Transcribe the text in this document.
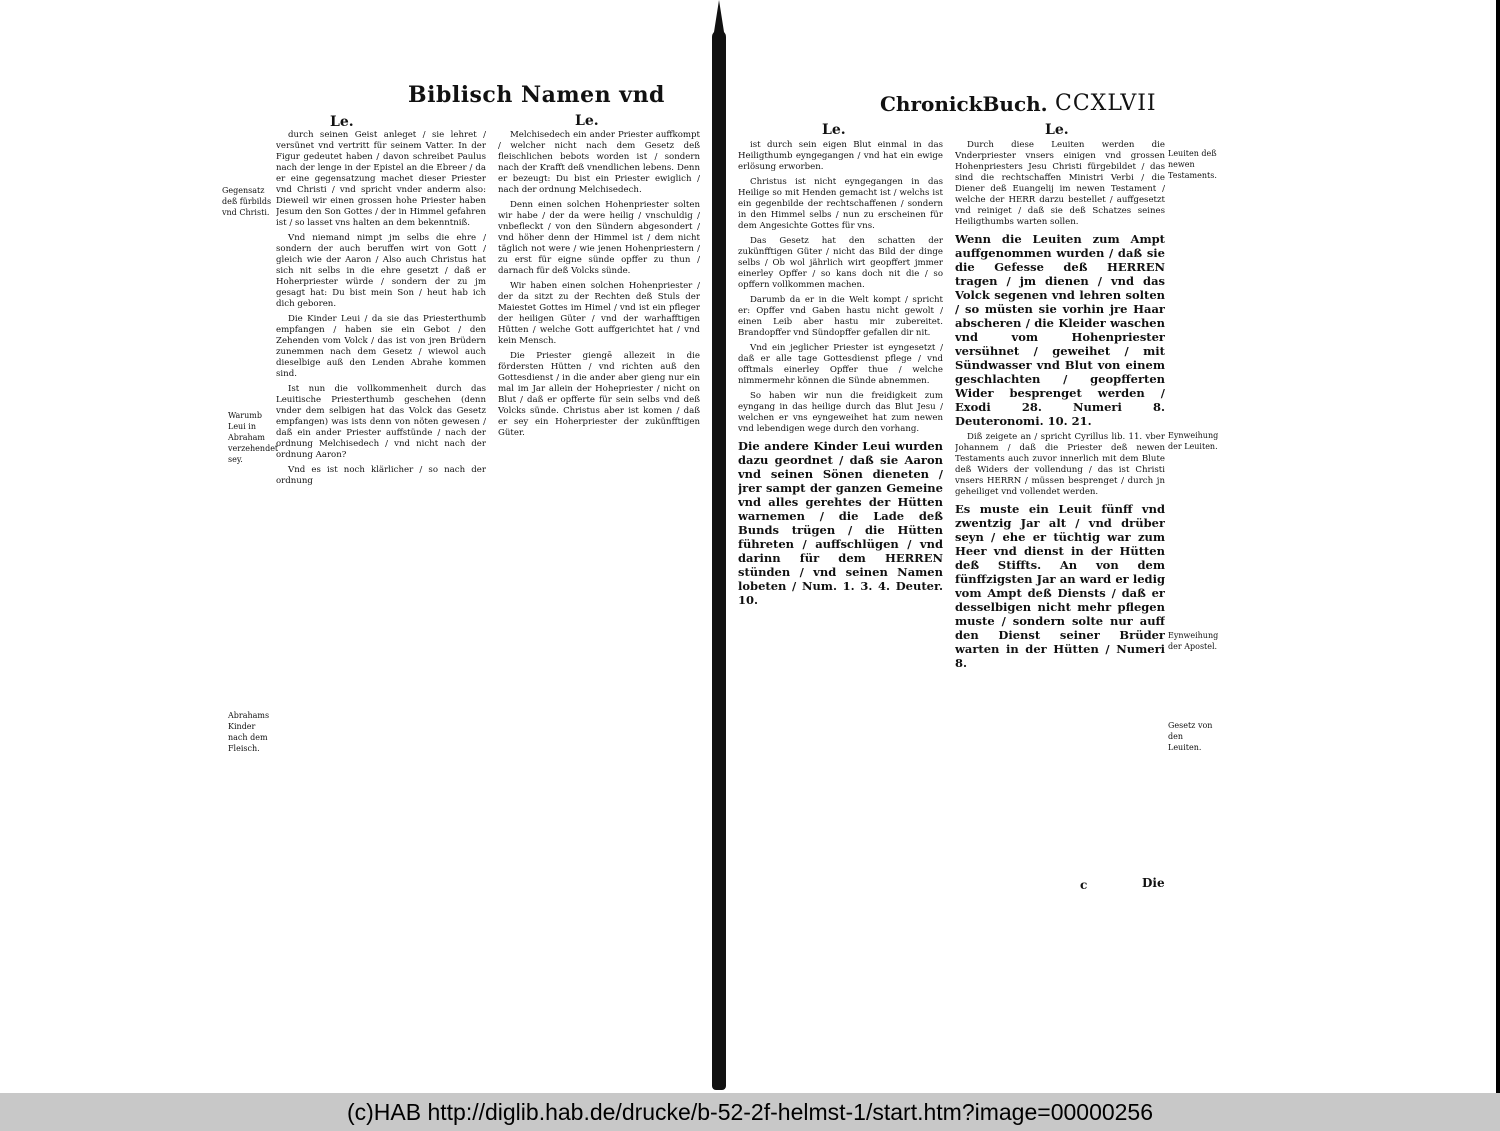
Biblisch Namen vnd	ChronickBuch. CCXLVII
Le.	Le.
Le.	Le.
Gegensatz deß fürbilds vnd Christi.
Warumb Leui in Abraham verzehendet sey.
Abrahams Kinder nach dem Fleisch.

durch seinen Geist anleget / sie lehret / versünet vnd vertritt für seinem Vatter. In der Figur gedeutet haben / davon schreibet Paulus nach der lenge in der Epistel an die Ebreer / da er eine gegensatzung machet dieser Priester vnd Christi / vnd spricht vnder anderm also: Dieweil wir einen grossen hohe Priester haben Jesum den Son Gottes / der in Himmel gefahren ist / so lasset vns halten an dem bekenntniß.

Vnd niemand nimpt jm selbs die ehre / sondern der auch beruffen wirt von Gott / gleich wie der Aaron / Also auch Christus hat sich nit selbs in die ehre gesetzt / daß er Hoherpriester würde / sondern der zu jm gesagt hat: Du bist mein Son / heut hab ich dich geboren.

Die Kinder Leui / da sie das Priesterthumb empfangen / haben sie ein Gebot / den Zehenden vom Volck / das ist von jren Brüdern zunemmen nach dem Gesetz / wiewol auch dieselbige auß den Lenden Abrahe kommen sind.

Ist nun die vollkommenheit durch das Leuitische Priesterthumb geschehen (denn vnder dem selbigen hat das Volck das Gesetz empfangen) was ists denn von nöten gewesen / daß ein ander Priester auffstünde / nach der ordnung Melchisedech / vnd nicht nach der ordnung Aaron?

Vnd es ist noch klärlicher / so nach der ordnung

Melchisedech ein ander Priester auffkompt / welcher nicht nach dem Gesetz deß fleischlichen bebots worden ist / sondern nach der Krafft deß vnendlichen lebens. Denn er bezeugt: Du bist ein Priester ewiglich / nach der ordnung Melchisedech.

Denn einen solchen Hohenpriester solten wir habe / der da were heilig / vnschuldig / vnbefleckt / von den Sündern abgesondert / vnd höher denn der Himmel ist / dem nicht täglich not were / wie jenen Hohenpriestern / zu erst für eigne sünde opffer zu thun / darnach für deß Volcks sünde.

Wir haben einen solchen Hohenpriester / der da sitzt zu der Rechten deß Stuls der Maiestet Gottes im Himel / vnd ist ein pfleger der heiligen Güter / vnd der warhafftigen Hütten / welche Gott auffgerichtet hat / vnd kein Mensch.

Die Priester giengē allezeit in die fördersten Hütten / vnd richten auß den Gottesdienst / in die ander aber gieng nur ein mal im Jar allein der Hohepriester / nicht on Blut / daß er opfferte für sein selbs vnd deß Volcks sünde. Christus aber ist komen / daß er sey ein Hoherpriester der zukünfftigen Güter.

ist durch sein eigen Blut einmal in das Heiligthumb eyngegangen / vnd hat ein ewige erlösung erworben.

Christus ist nicht eyngegangen in das Heilige so mit Henden gemacht ist / welchs ist ein gegenbilde der rechtschaffenen / sondern in den Himmel selbs / nun zu erscheinen für dem Angesichte Gottes für vns.

Das Gesetz hat den schatten der zukünfftigen Güter / nicht das Bild der dinge selbs / Ob wol jährlich wirt geopffert jmmer einerley Opffer / so kans doch nit die / so opffern vollkommen machen.

Darumb da er in die Welt kompt / spricht er: Opffer vnd Gaben hastu nicht gewolt / einen Leib aber hastu mir zubereitet. Brandopffer vnd Sündopffer gefallen dir nit.

Vnd ein jeglicher Priester ist eyngesetzt / daß er alle tage Gottesdienst pflege / vnd offtmals einerley Opffer thue / welche nimmermehr können die Sünde abnemmen.

So haben wir nun die freidigkeit zum eyngang in das heilige durch das Blut Jesu / welchen er vns eyngeweihet hat zum newen vnd lebendigen wege durch den vorhang.

Die andere Kinder Leui wurden dazu geordnet / daß sie Aaron vnd seinen Sönen dieneten / jrer sampt der ganzen Gemeine vnd alles gerehtes der Hütten warnemen / die Lade deß Bunds trügen / die Hütten führeten / auffschlügen / vnd darinn für dem HERREN stünden / vnd seinen Namen lobeten / Num. 1. 3. 4. Deuter. 10.

Durch diese Leuiten werden die Vnderpriester vnsers einigen vnd grossen Hohenpriesters Jesu Christi fürgebildet / das sind die rechtschaffen Ministri Verbi / die Diener deß Euangelij im newen Testament / welche der HERR darzu bestellet / auffgesetzt vnd reiniget / daß sie deß Schatzes seines Heiligthumbs warten sollen.

Wenn die Leuiten zum Ampt auffgenommen wurden / daß sie die Gefesse deß HERREN tragen / jm dienen / vnd das Volck segenen vnd lehren solten / so müsten sie vorhin jre Haar abscheren / die Kleider waschen vnd vom Hohenpriester versühnet / geweihet / mit Sündwasser vnd Blut von einem geschlachten / geopfferten Wider besprenget werden / Exodi 28. Numeri 8. Deuteronomi. 10. 21.

Diß zeigete an / spricht Cyrillus lib. 11. vber Johannem / daß die Priester deß newen Testaments auch zuvor innerlich mit dem Blute deß Widers der vollendung / das ist Christi vnsers HERRN / müssen besprenget / durch jn geheiliget vnd vollendet werden.

Es muste ein Leuit fünff vnd zwentzig Jar alt / vnd drüber seyn / ehe er tüchtig war zum Heer vnd dienst in der Hütten deß Stiffts. An von dem fünffzigsten Jar an ward er ledig vom Ampt deß Diensts / daß er desselbigen nicht mehr pflegen muste / sondern solte nur auff den Dienst seiner Brüder warten in der Hütten / Numeri 8.

Leuiten deß newen Testaments.
Eynweihung der Leuiten.
Eynweihung der Apostel.
Gesetz von den Leuiten.
c	Die
(c)HAB http://diglib.hab.de/drucke/b-52-2f-helmst-1/start.htm?image=00000256
